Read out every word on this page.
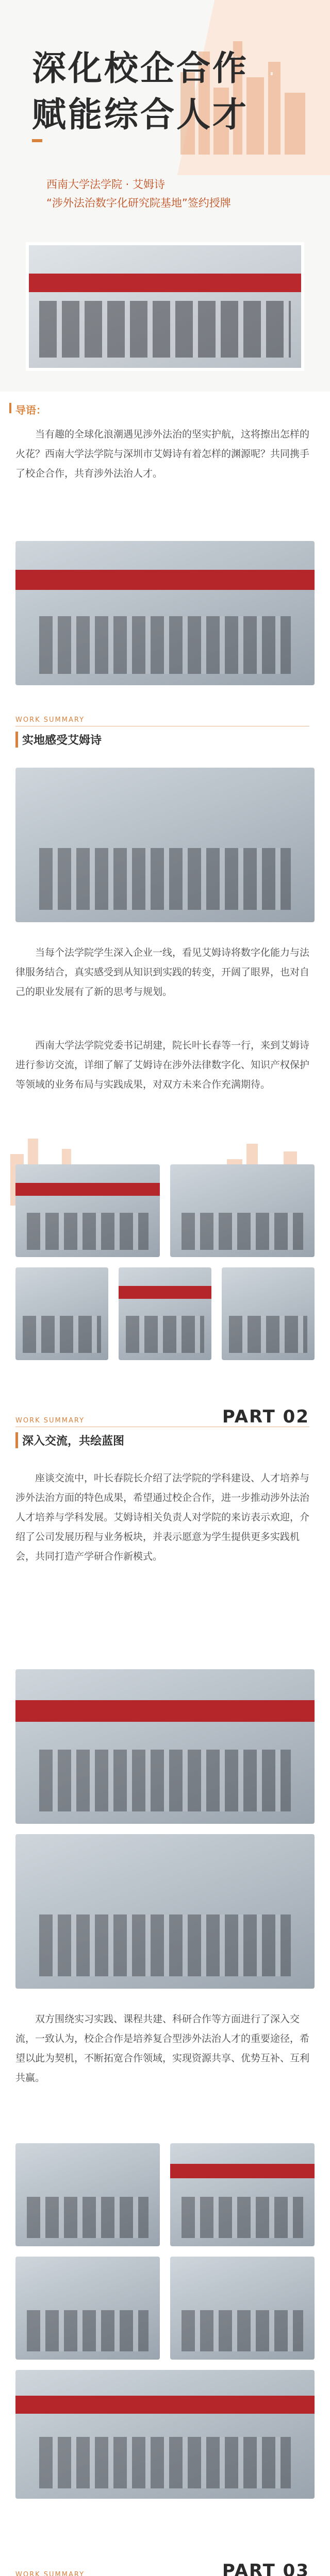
深化校企合作
赋能综合人才
西南大学法学院 · 艾姆诗
“涉外法治数字化研究院基地”签约授牌
导语：

当有趣的全球化浪潮遇见涉外法治的坚实护航，这将擦出怎样的火花？西南大学法学院与深圳市艾姆诗有着怎样的渊源呢？共同携手了校企合作，共育涉外法治人才。

WORK SUMMARY
实地感受艾姆诗

当每个法学院学生深入企业一线，看见艾姆诗将数字化能力与法律服务结合，真实感受到从知识到实践的转变，开阔了眼界，也对自己的职业发展有了新的思考与规划。

西南大学法学院党委书记胡建，院长叶长春等一行，来到艾姆诗进行参访交流，详细了解了艾姆诗在涉外法律数字化、知识产权保护等领域的业务布局与实践成果，对双方未来合作充满期待。

WORK SUMMARY
深入交流，共绘蓝图
PART 02

座谈交流中，叶长春院长介绍了法学院的学科建设、人才培养与涉外法治方面的特色成果，希望通过校企合作，进一步推动涉外法治人才培养与学科发展。艾姆诗相关负责人对学院的来访表示欢迎，介绍了公司发展历程与业务板块，并表示愿意为学生提供更多实践机会，共同打造产学研合作新模式。

双方围绕实习实践、课程共建、科研合作等方面进行了深入交流，一致认为，校企合作是培养复合型涉外法治人才的重要途径，希望以此为契机，不断拓宽合作领域，实现资源共享、优势互补、互利共赢。

PART 03
WORK SUMMARY
